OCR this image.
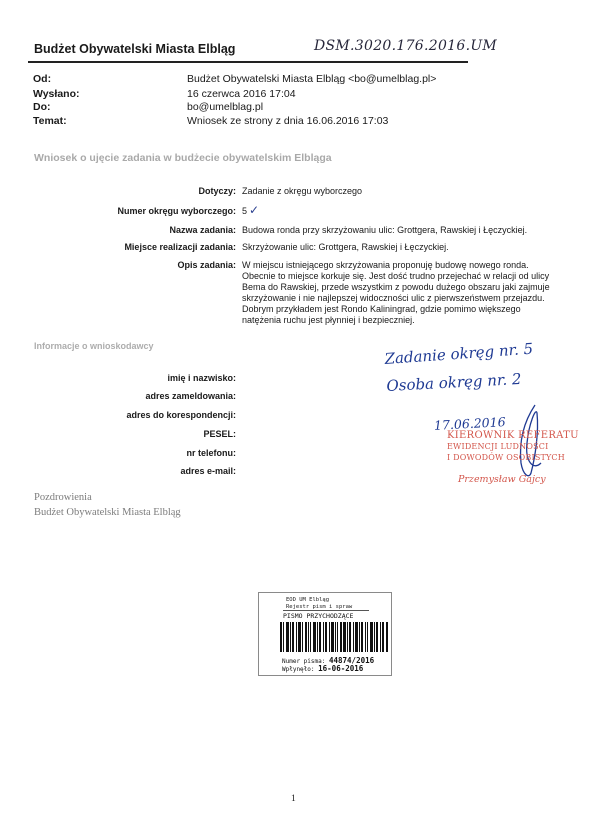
Budżet Obywatelski Miasta Elbląg	DSM.3020.176.2016.UM
Od:	Budżet Obywatelski Miasta Elbląg <bo@umelblag.pl>
Wysłano:	16 czerwca 2016 17:04
Do:	bo@umelblag.pl
Temat:	Wniosek ze strony z dnia 16.06.2016 17:03
Wniosek o ujęcie zadania w budżecie obywatelskim Elbląga
Dotyczy: Zadanie z okręgu wyborczego
Numer okręgu wyborczego: 5 ✓
Nazwa zadania: Budowa ronda przy skrzyżowaniu ulic: Grottgera, Rawskiej i Łęczyckiej.
Miejsce realizacji zadania: Skrzyżowanie ulic: Grottgera, Rawskiej i Łęczyckiej.
Opis zadania: W miejscu istniejącego skrzyżowania proponuję budowę nowego ronda.
Obecnie to miejsce korkuje się. Jest dość trudno przejechać w relacji od ulicy
Bema do Rawskiej, przede wszystkim z powodu dużego obszaru jaki zajmuje
skrzyżowanie i nie najlepszej widoczności ulic z pierwszeństwem przejazdu.
Dobrym przykładem jest Rondo Kaliningrad, gdzie pomimo większego
natężenia ruchu jest płynniej i bezpieczniej.
Informacje o wnioskodawcy
imię i nazwisko:
adres zameldowania:
adres do korespondencji:
PESEL:
nr telefonu:
adres e-mail:
Zadanie okręg nr. 5
Osoba okręg nr. 2
17.06.2016
KIEROWNIK REFERATU
EWIDENCJI LUDNOŚCI
I DOWODÓW OSOBISTYCH
Przemysław Gajcy
Pozdrowienia
Budżet Obywatelski Miasta Elbląg
EOD UM Elbląg
Rejestr pism i spraw
PISMO PRZYCHODZĄCE
Numer pisma: 44874/2016
Wpłynęło: 16-06-2016
1
